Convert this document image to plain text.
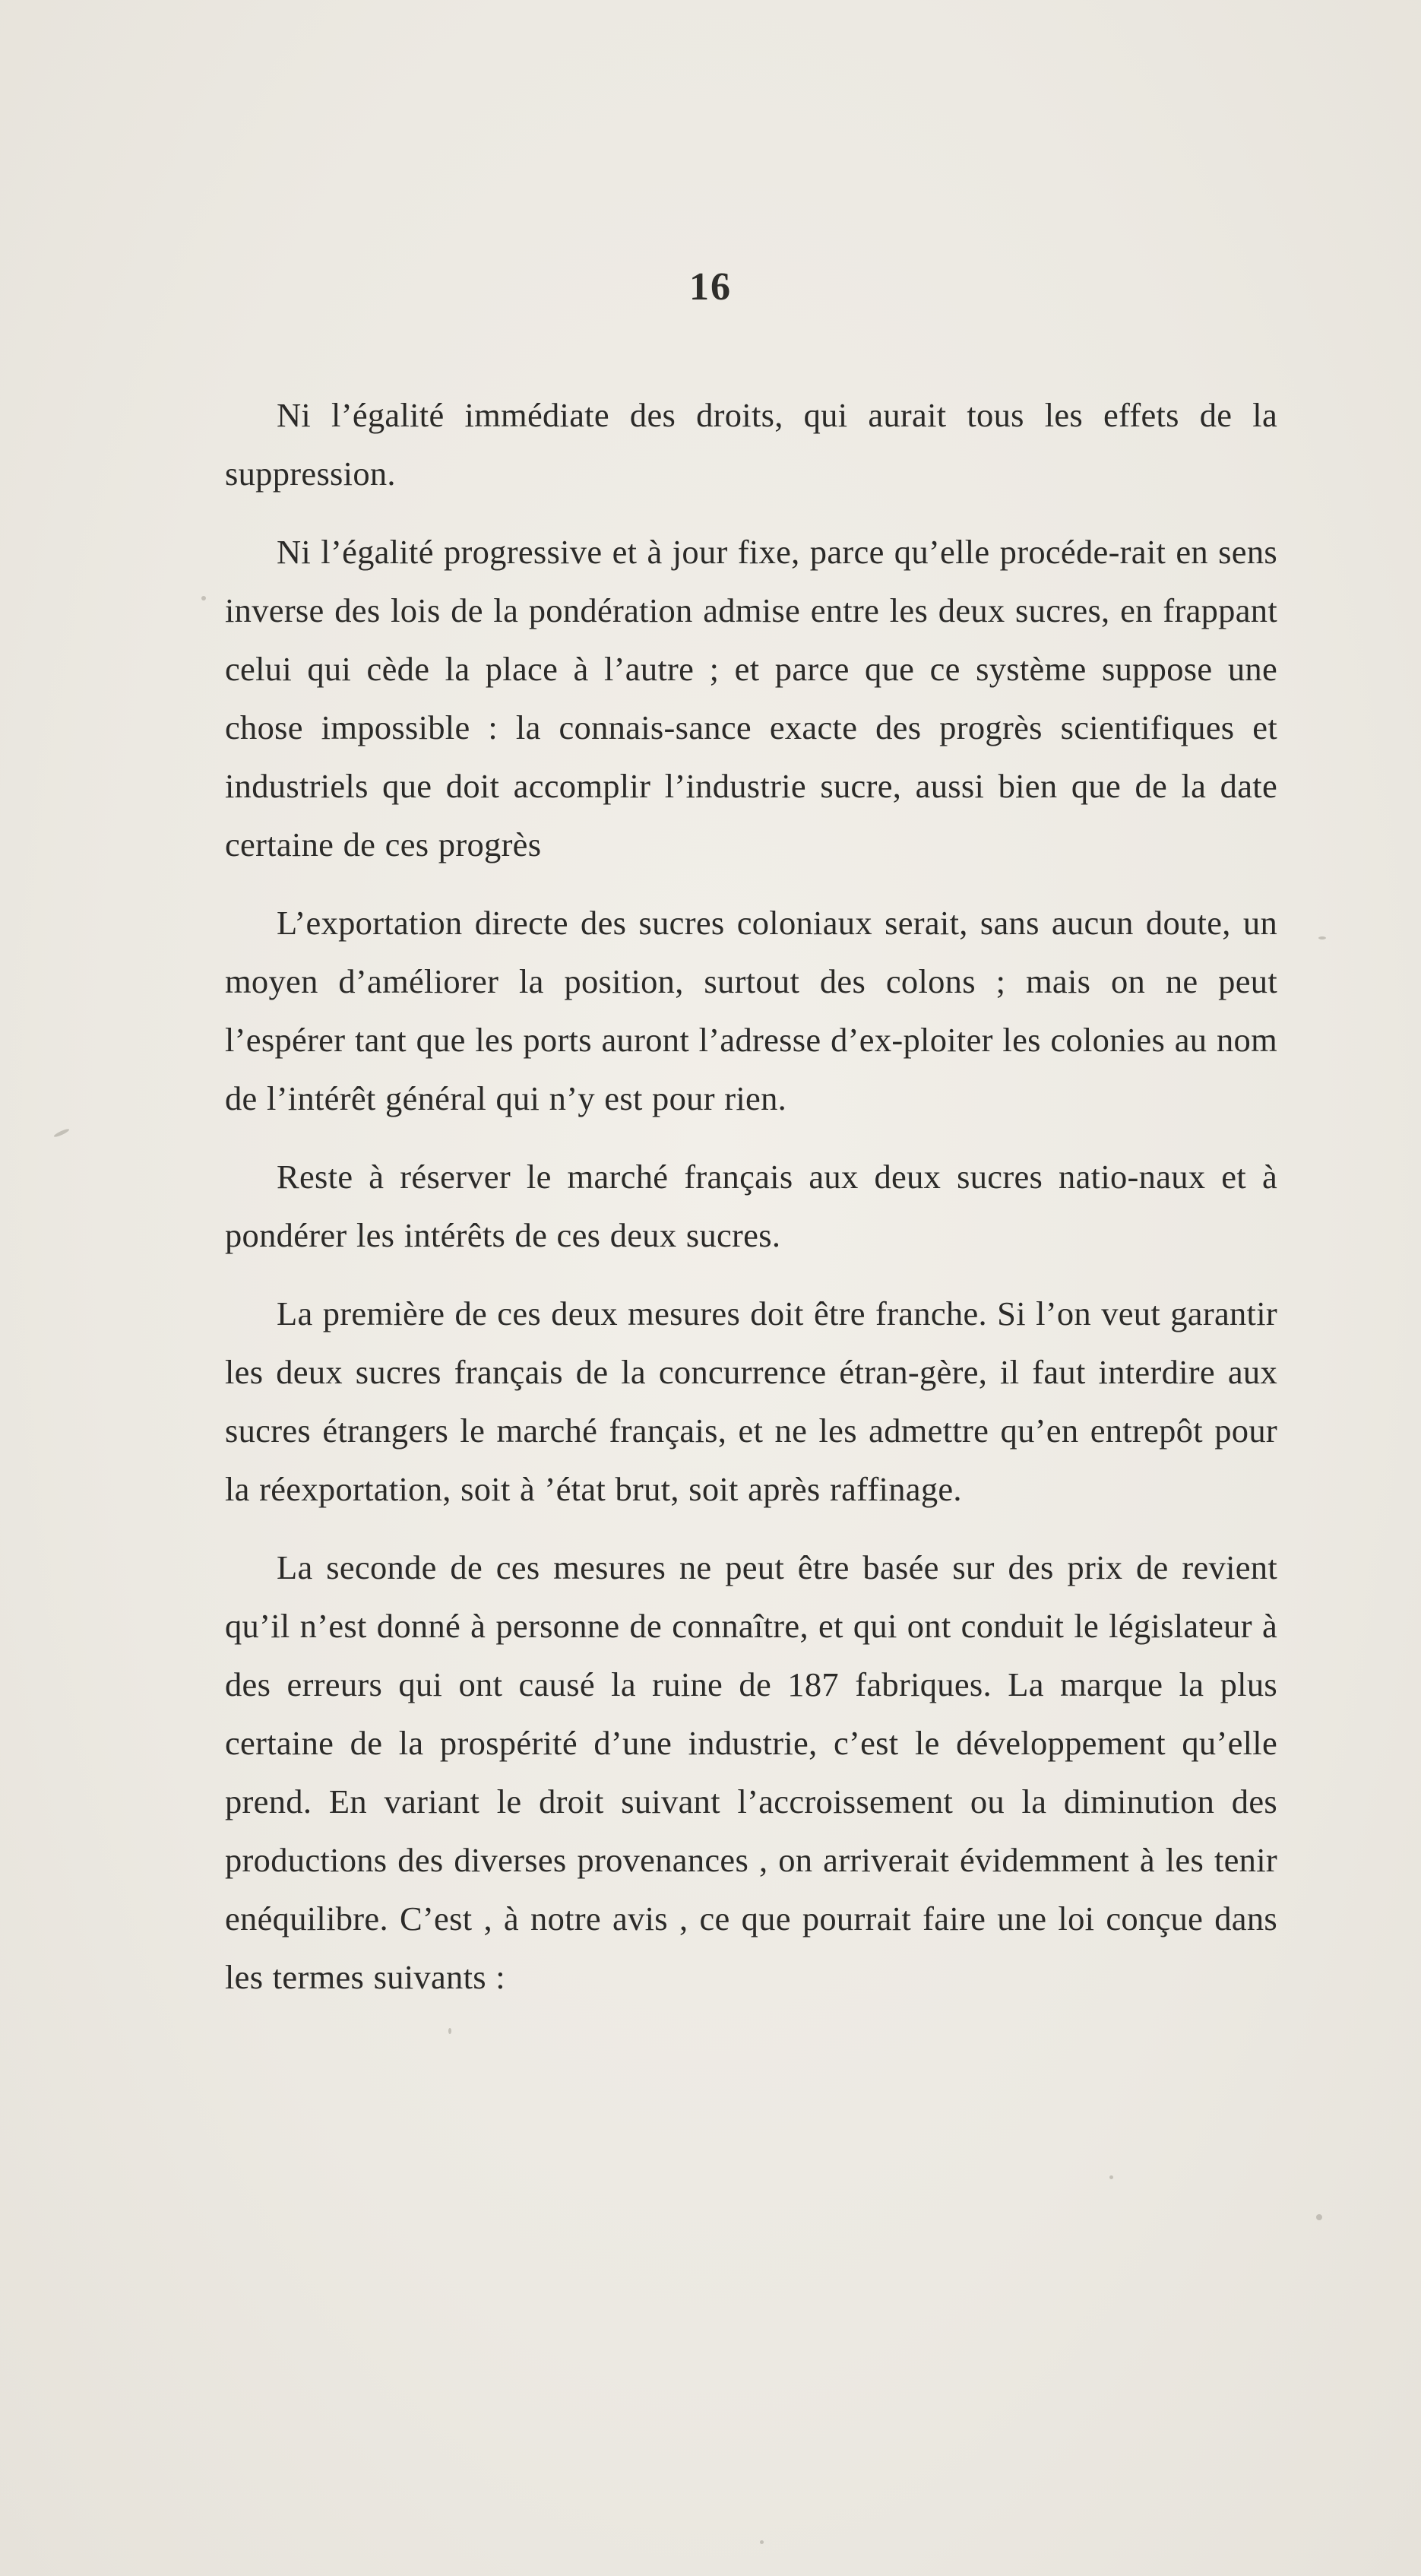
16

Ni l’égalité immédiate des droits, qui aurait tous les effets de la suppression.

Ni l’égalité progressive et à jour fixe, parce qu’elle procéde-rait en sens inverse des lois de la pondération admise entre les deux sucres, en frappant celui qui cède la place à l’autre ; et parce que ce système suppose une chose impossible : la connais-sance exacte des progrès scientifiques et industriels que doit accomplir l’industrie sucre, aussi bien que de la date certaine de ces progrès

L’exportation directe des sucres coloniaux serait, sans aucun doute, un moyen d’améliorer la position, surtout des colons ; mais on ne peut l’espérer tant que les ports auront l’adresse d’ex-ploiter les colonies au nom de l’intérêt général qui n’y est pour rien.

Reste à réserver le marché français aux deux sucres natio-naux et à pondérer les intérêts de ces deux sucres.

La première de ces deux mesures doit être franche. Si l’on veut garantir les deux sucres français de la concurrence étran-gère, il faut interdire aux sucres étrangers le marché français, et ne les admettre qu’en entrepôt pour la réexportation, soit à ’état brut, soit après raffinage.

La seconde de ces mesures ne peut être basée sur des prix de revient qu’il n’est donné à personne de connaître, et qui ont conduit le législateur à des erreurs qui ont causé la ruine de 187 fabriques. La marque la plus certaine de la prospérité d’une industrie, c’est le développement qu’elle prend. En variant le droit suivant l’accroissement ou la diminution des productions des diverses provenances , on arriverait évidemment à les tenir enéquilibre. C’est , à notre avis , ce que pourrait faire une loi conçue dans les termes suivants :
